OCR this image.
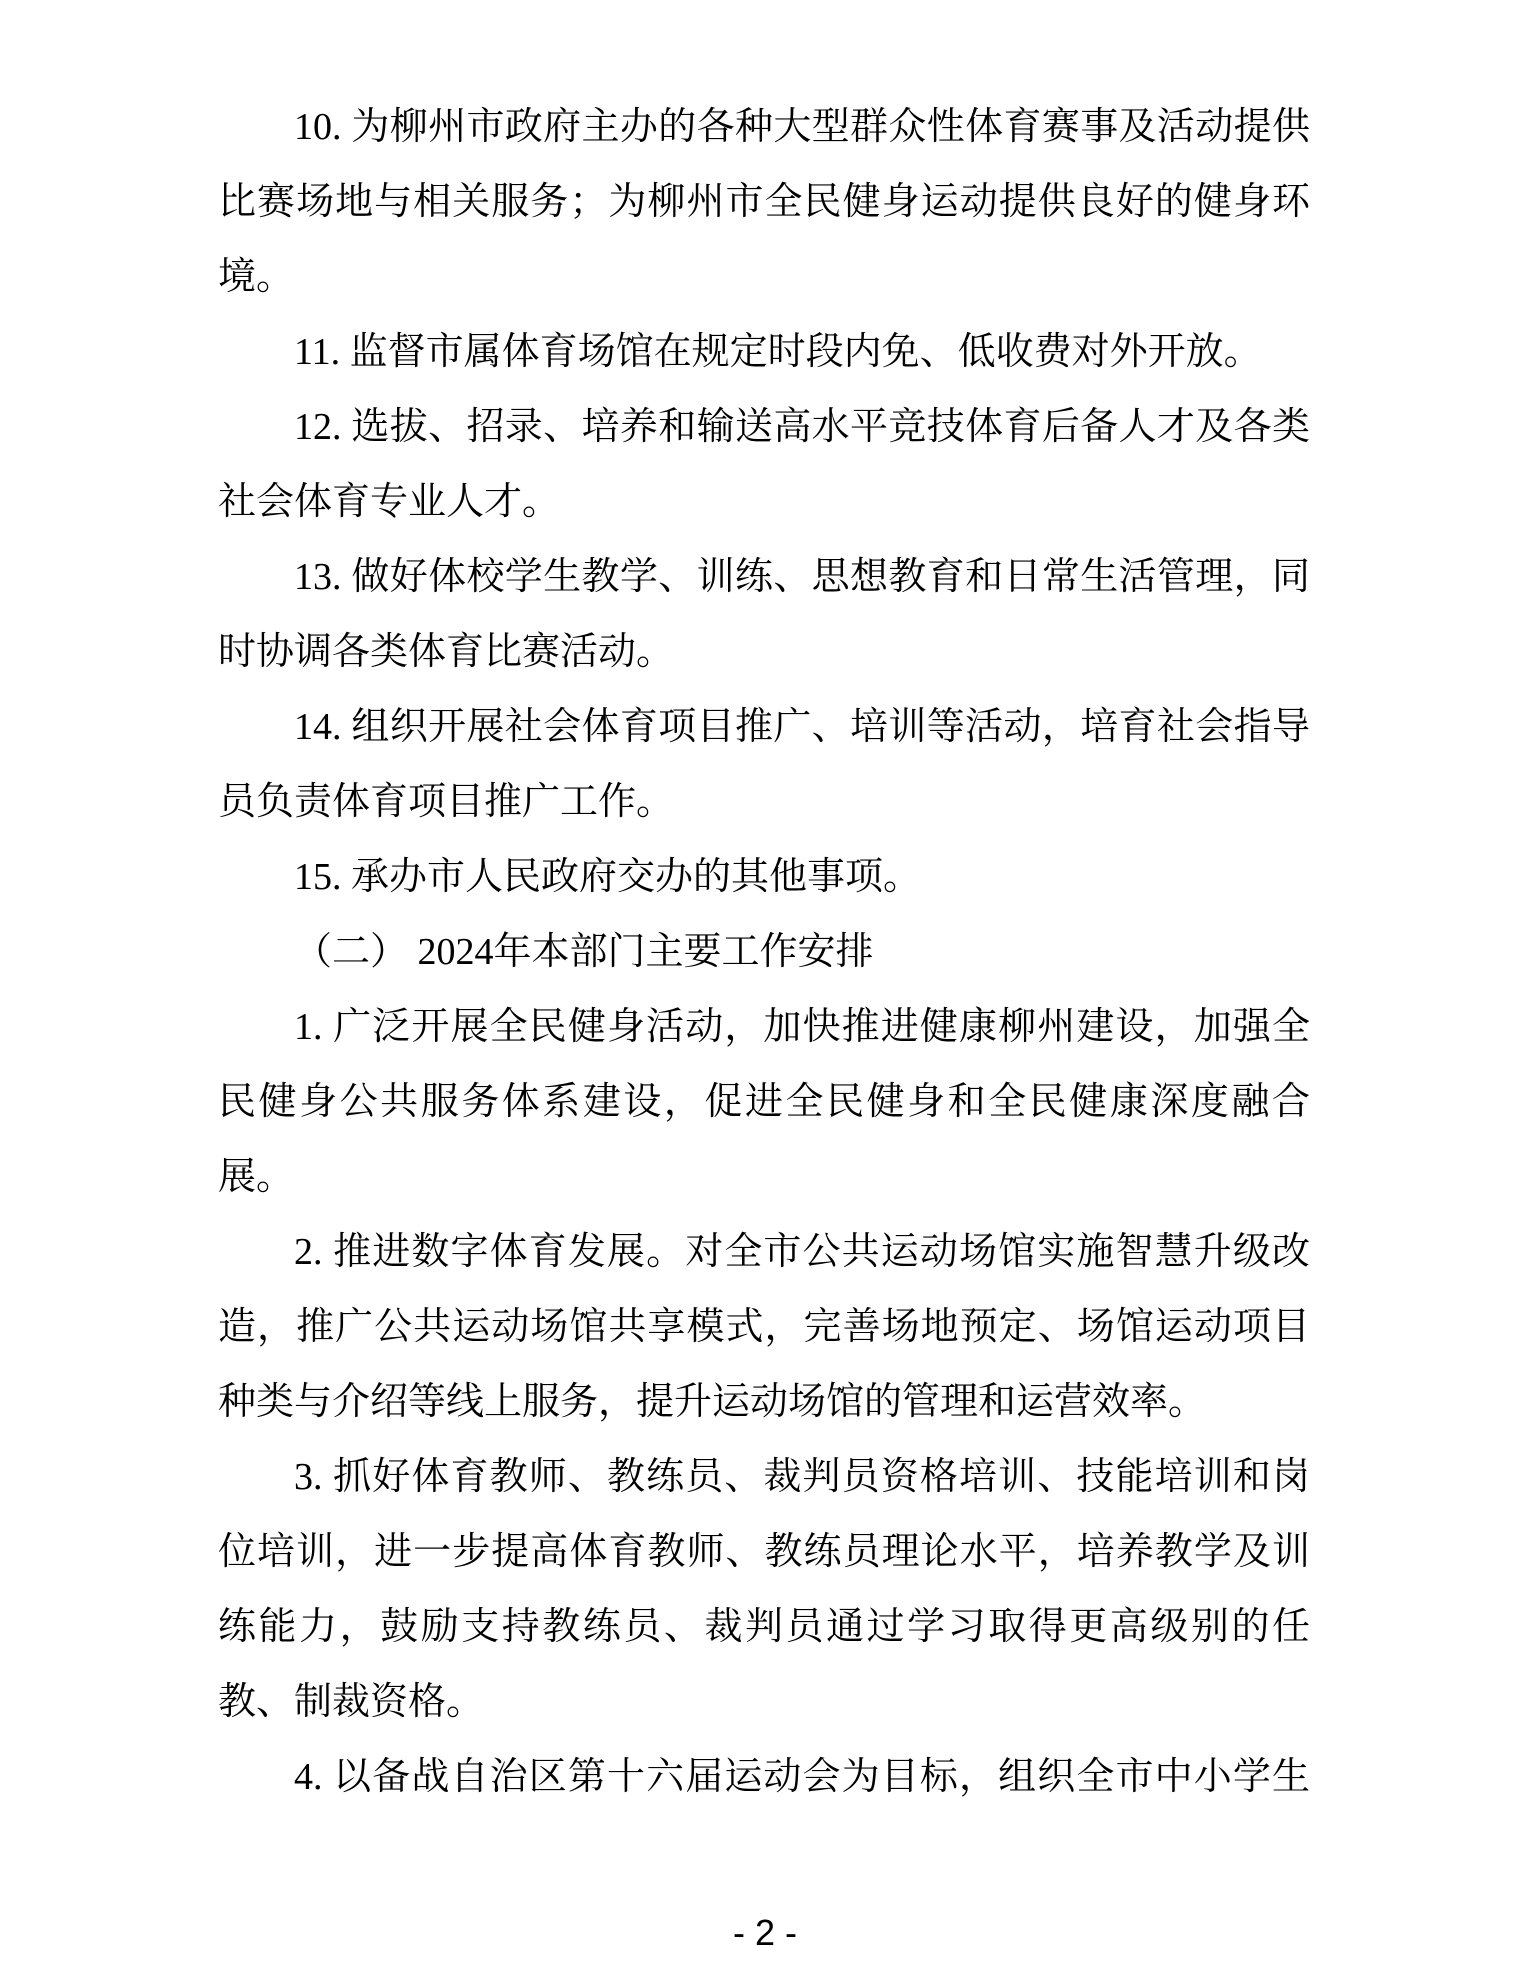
10. 为柳州市政府主办的各种大型群众性体育赛事及活动提供
比赛场地与相关服务；为柳州市全民健身运动提供良好的健身环
境。
11. 监督市属体育场馆在规定时段内免、低收费对外开放。
12. 选拔、招录、培养和输送高水平竞技体育后备人才及各类
社会体育专业人才。
13. 做好体校学生教学、训练、思想教育和日常生活管理，同
时协调各类体育比赛活动。
14. 组织开展社会体育项目推广、培训等活动，培育社会指导
员负责体育项目推广工作。
15. 承办市人民政府交办的其他事项。
（二） 2024年本部门主要工作安排
1. 广泛开展全民健身活动，加快推进健康柳州建设，加强全
民健身公共服务体系建设，促进全民健身和全民健康深度融合
展。
2. 推进数字体育发展。对全市公共运动场馆实施智慧升级改
造，推广公共运动场馆共享模式，完善场地预定、场馆运动项目
种类与介绍等线上服务，提升运动场馆的管理和运营效率。
3. 抓好体育教师、教练员、裁判员资格培训、技能培训和岗
位培训，进一步提高体育教师、教练员理论水平，培养教学及训
练能力，鼓励支持教练员、裁判员通过学习取得更高级别的任
教、制裁资格。
4. 以备战自治区第十六届运动会为目标，组织全市中小学生
- 2 -
